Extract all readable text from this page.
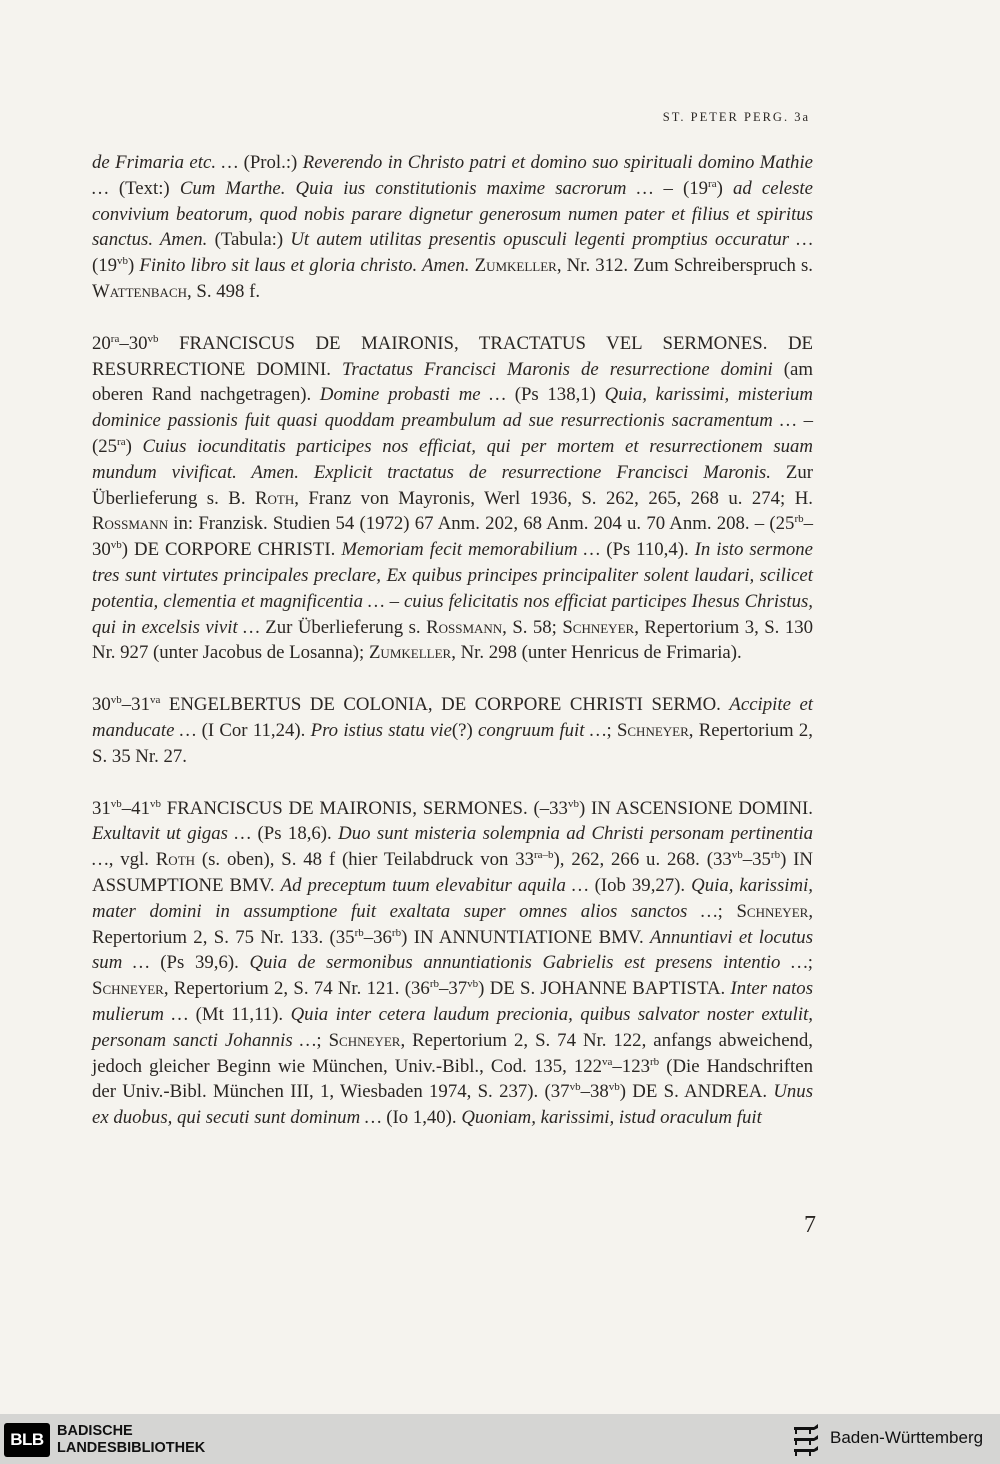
ST. PETER PERG. 3a

de Frimaria etc. … (Prol.:) Reverendo in Christo patri et domino suo spirituali domino Mathie … (Text:) Cum Marthe. Quia ius constitutionis maxime sacrorum … – $(19^{ra})$ ad celeste convivium beatorum, quod nobis parare dignetur generosum numen pater et filius et spiritus sanctus. Amen. (Tabula:) Ut autem utilitas presentis opusculi legenti promptius occuratur … $(19^{vb})$ Finito libro sit laus et gloria christo. Amen. Zumkeller, Nr. 312. Zum Schreiberspruch s. Wattenbach, S. 498 f.

$20^{ra}-30^{vb}$ FRANCISCUS DE MAIRONIS, TRACTATUS VEL SERMONES. DE RESURRECTIONE DOMINI. Tractatus Francisci Maronis de resurrectione domini (am oberen Rand nachgetragen). Domine probasti me … (Ps 138,1) Quia, karissimi, misterium dominice passionis fuit quasi quoddam preambulum ad sue resurrectionis sacramentum … – $(25^{ra})$ Cuius iocunditatis participes nos efficiat, qui per mortem et resurrectionem suam mundum vivificat. Amen. Explicit tractatus de resurrectione Francisci Maronis. Zur Überlieferung s. B. Roth, Franz von Mayronis, Werl 1936, S. 262, 265, 268 u. 274; H. Rossmann in: Franzisk. Studien 54 (1972) 67 Anm. 202, 68 Anm. 204 u. 70 Anm. 208. – $(25^{rb}-30^{vb})$ DE CORPORE CHRISTI. Memoriam fecit memorabilium … (Ps 110,4). In isto sermone tres sunt virtutes principales preclare, Ex quibus principes principaliter solent laudari, scilicet potentia, clementia et magnificentia … – cuius felicitatis nos efficiat participes Ihesus Christus, qui in excelsis vivit … Zur Überlieferung s. Rossmann, S. 58; Schneyer, Repertorium 3, S. 130 Nr. 927 (unter Jacobus de Losanna); Zumkeller, Nr. 298 (unter Henricus de Frimaria).

$30^{vb}-31^{va}$ ENGELBERTUS DE COLONIA, DE CORPORE CHRISTI SERMO. Accipite et manducate … (I Cor 11,24). Pro istius statu vie(?) congruum fuit …; Schneyer, Repertorium 2, S. 35 Nr. 27.

$31^{vb}-41^{vb}$ FRANCISCUS DE MAIRONIS, SERMONES. $(-33^{vb})$ IN ASCENSIONE DOMINI. Exultavit ut gigas … (Ps 18,6). Duo sunt misteria solempnia ad Christi personam pertinentia …, vgl. Roth (s. oben), S. 48 f (hier Teilabdruck von $33^{ra-b}$), 262, 266 u. 268. $(33^{vb}-35^{rb})$ IN ASSUMPTIONE BMV. Ad preceptum tuum elevabitur aquila … (Iob 39,27). Quia, karissimi, mater domini in assumptione fuit exaltata super omnes alios sanctos …; Schneyer, Repertorium 2, S. 75 Nr. 133. $(35^{rb}-36^{rb})$ IN ANNUNTIATIONE BMV. Annuntiavi et locutus sum … (Ps 39,6). Quia de sermonibus annuntiationis Gabrielis est presens intentio …; Schneyer, Repertorium 2, S. 74 Nr. 121. $(36^{rb}-37^{vb})$ DE S. JOHANNE BAPTISTA. Inter natos mulierum … (Mt 11,11). Quia inter cetera laudum precionia, quibus salvator noster extulit, personam sancti Johannis …; Schneyer, Repertorium 2, S. 74 Nr. 122, anfangs abweichend, jedoch gleicher Beginn wie München, Univ.-Bibl., Cod. 135, $122^{va}-123^{rb}$ (Die Handschriften der Univ.-Bibl. München III, 1, Wiesbaden 1974, S. 237). $(37^{vb}-38^{vb})$ DE S. ANDREA. Unus ex duobus, qui secuti sunt dominum … (Io 1,40). Quoniam, karissimi, istud oraculum fuit

7
BLB BADISCHE
LANDESBIBLIOTHEK
Baden-Württemberg
